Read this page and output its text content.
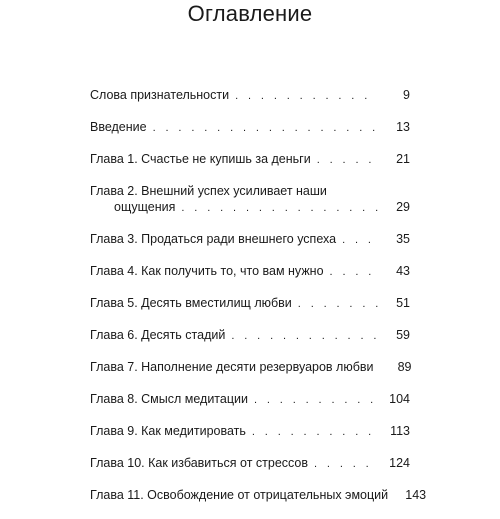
Оглавление
Слова признательности . . .	9
Введение . . .	13
Глава 1. Счастье не купишь за деньги . . .	21
Глава 2. Внешний успех усиливает наши
ощущения . . .	29
Глава 3. Продаться ради внешнего успеха . . .	35
Глава 4. Как получить то, что вам нужно . . .	43
Глава 5. Десять вместилищ любви . . .	51
Глава 6. Десять стадий . . .	59
Глава 7. Наполнение десяти резервуаров любви	89
Глава 8. Смысл медитации . . .	104
Глава 9. Как медитировать . . .	113
Глава 10. Как избавиться от стрессов . . .	124
Глава 11. Освобождение от отрицательных эмоций	143
